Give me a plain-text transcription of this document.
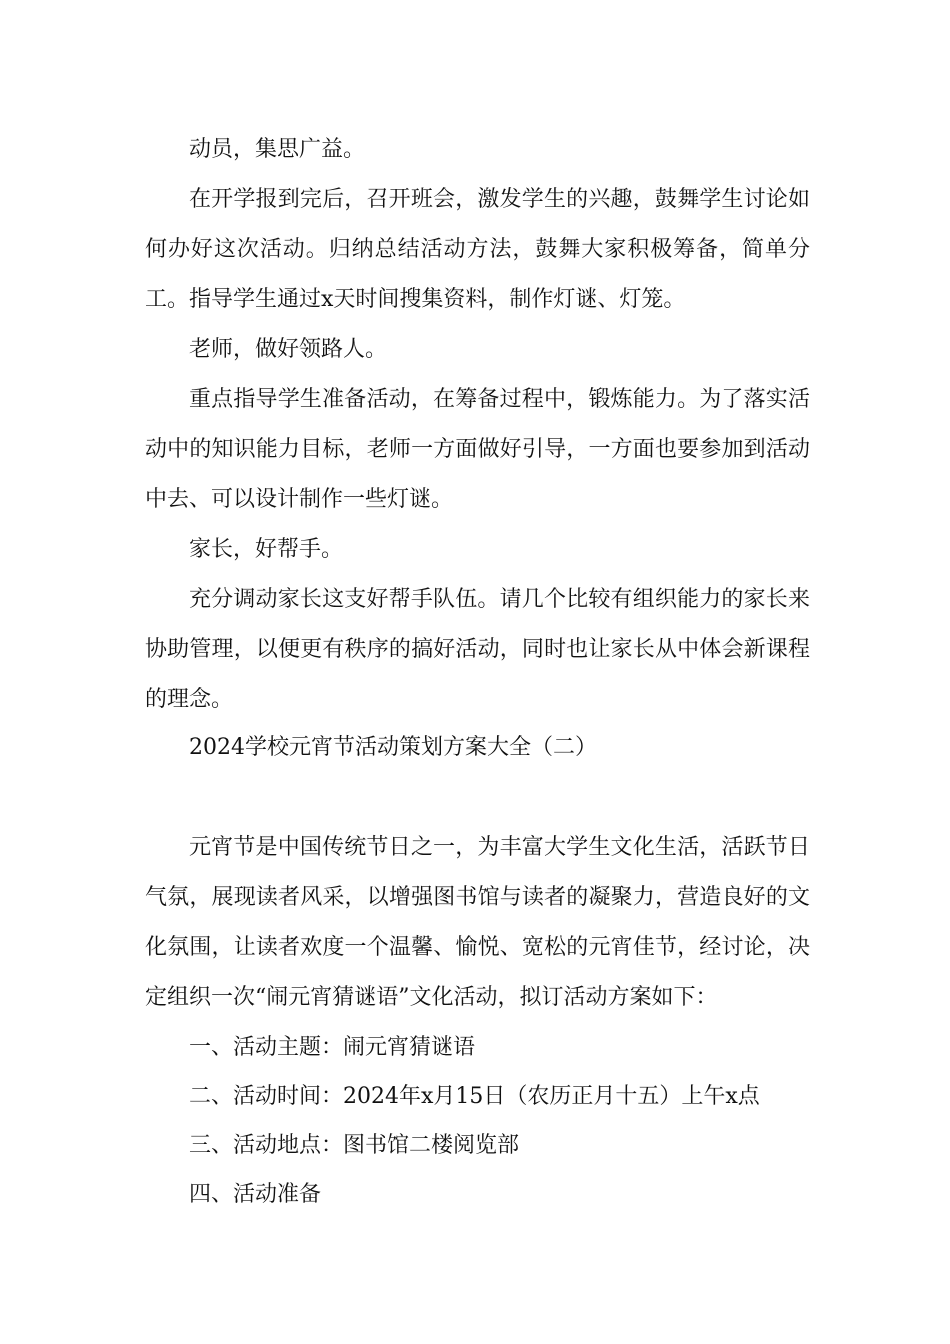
动员，集思广益。

在开学报到完后，召开班会，激发学生的兴趣，鼓舞学生讨论如何办好这次活动。归纳总结活动方法，鼓舞大家积极筹备，简单分工。指导学生通过x天时间搜集资料，制作灯谜、灯笼。

老师，做好领路人。

重点指导学生准备活动，在筹备过程中，锻炼能力。为了落实活动中的知识能力目标，老师一方面做好引导，一方面也要参加到活动中去、可以设计制作一些灯谜。

家长，好帮手。

充分调动家长这支好帮手队伍。请几个比较有组织能力的家长来协助管理，以便更有秩序的搞好活动，同时也让家长从中体会新课程的理念。

2024学校元宵节活动策划方案大全（二）

元宵节是中国传统节日之一，为丰富大学生文化生活，活跃节日气氛，展现读者风采，以增强图书馆与读者的凝聚力，营造良好的文化氛围，让读者欢度一个温馨、愉悦、宽松的元宵佳节，经讨论，决定组织一次“闹元宵猜谜语”文化活动，拟订活动方案如下：

一、活动主题：闹元宵猜谜语

二、活动时间：2024年x月15日（农历正月十五）上午x点

三、活动地点：图书馆二楼阅览部

四、活动准备
